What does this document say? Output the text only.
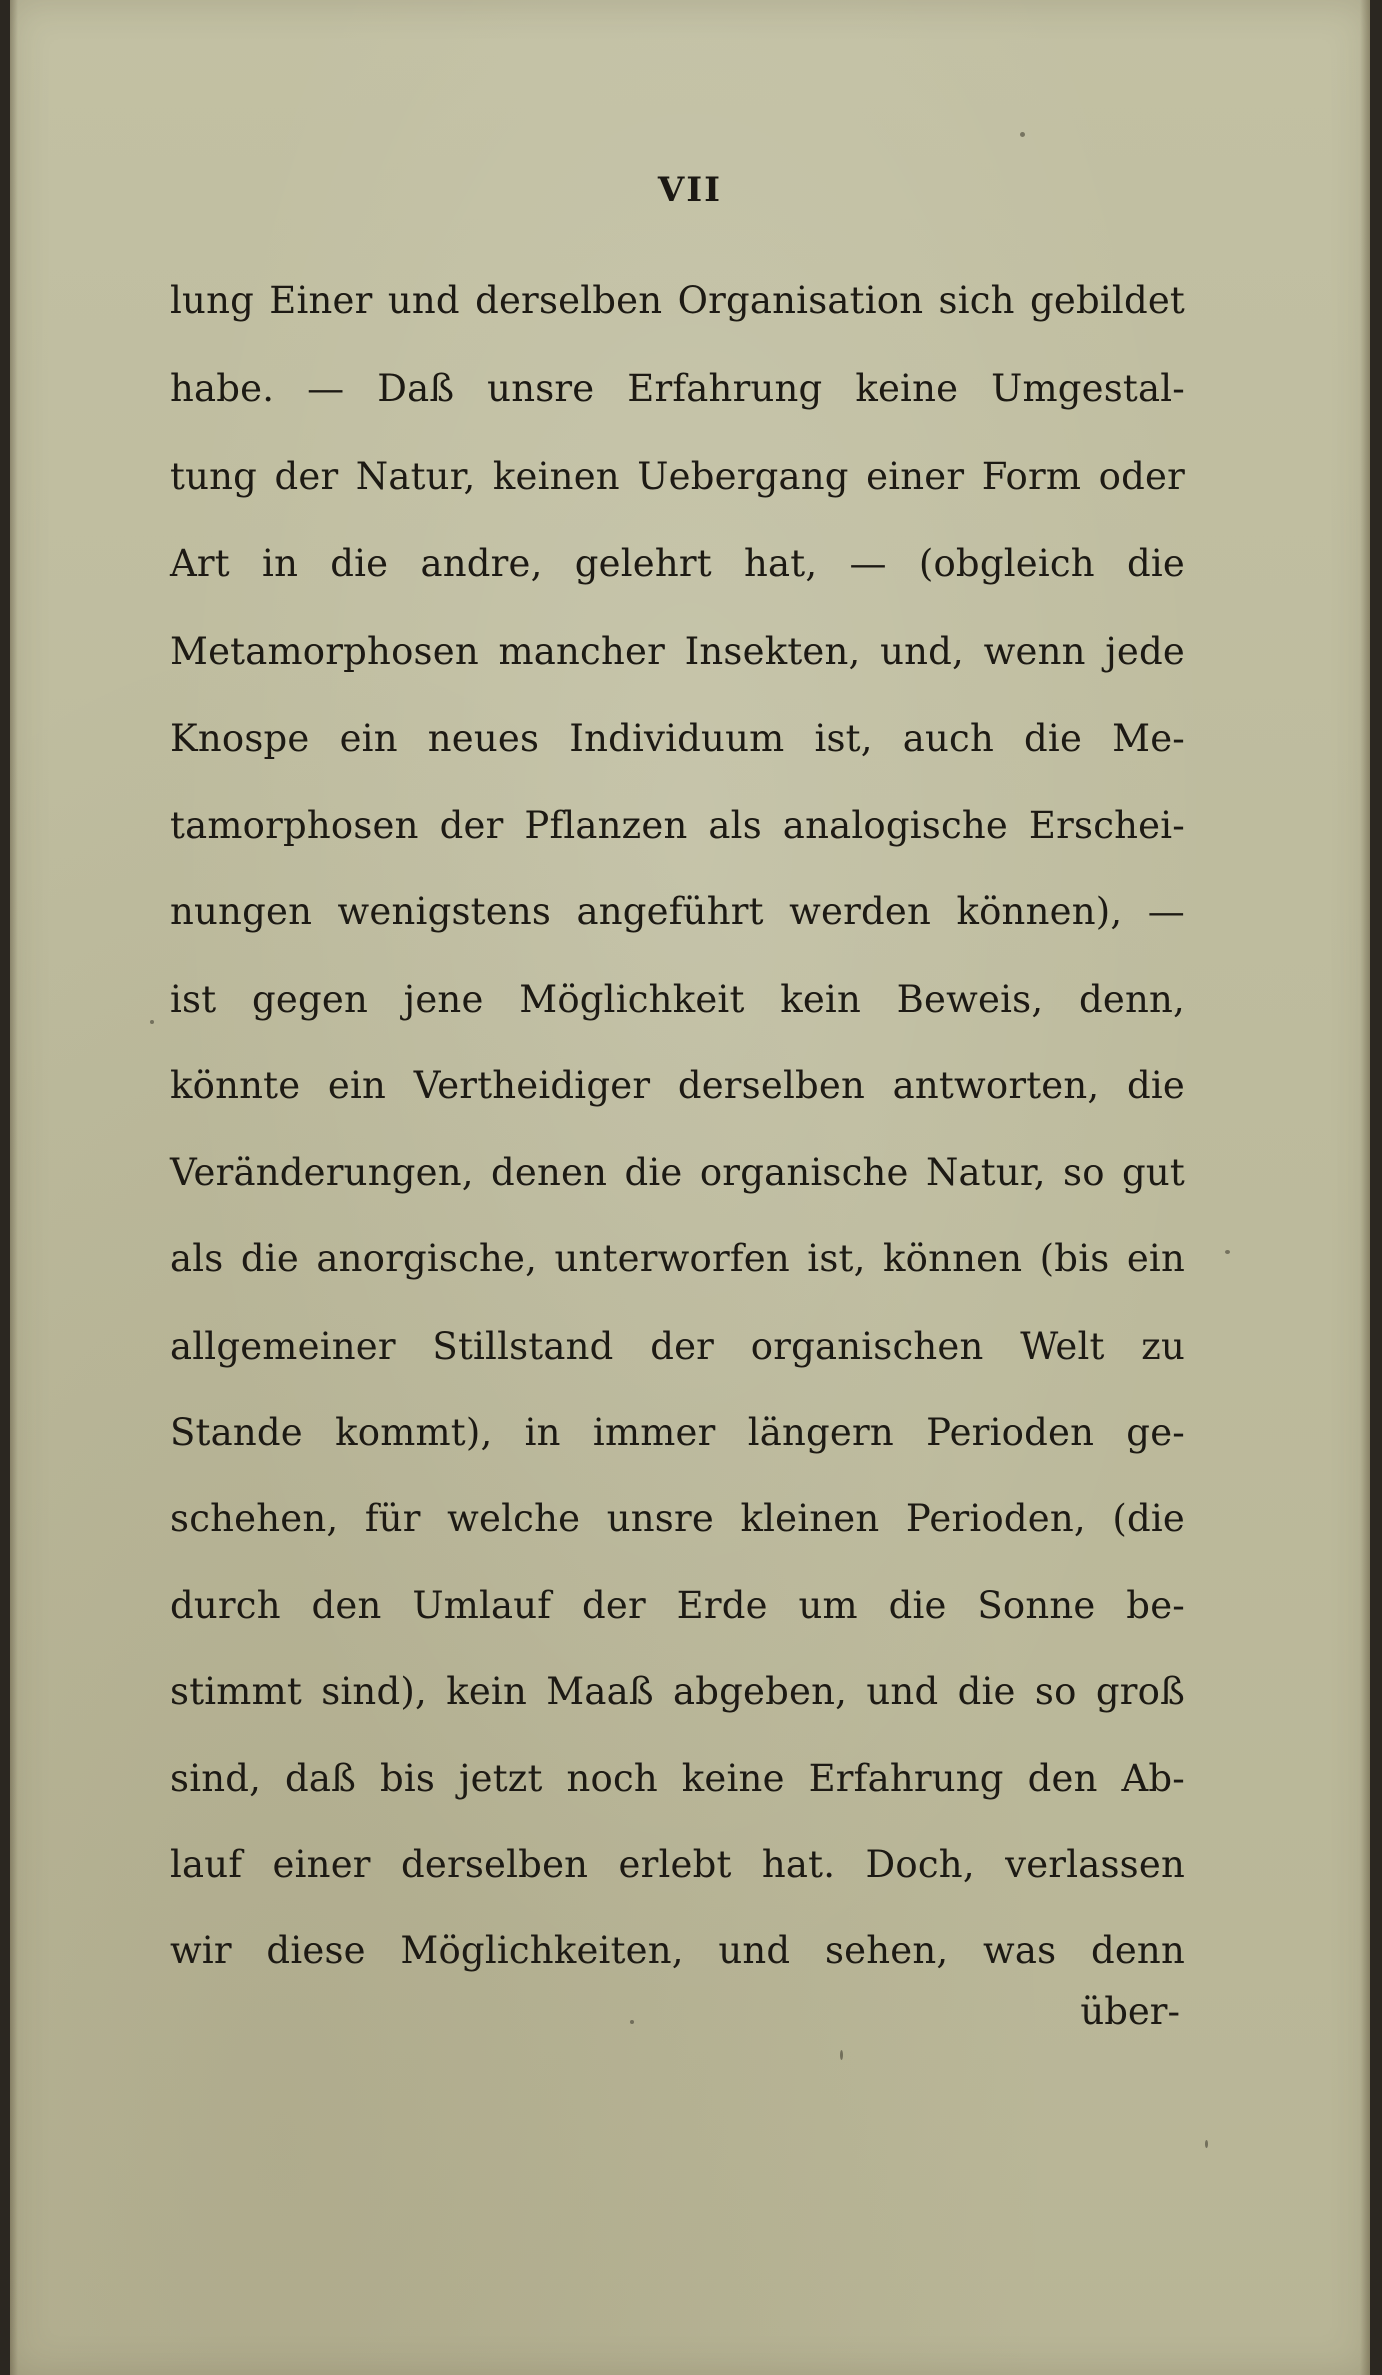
VII
lung Einer und derselben Organisation sich gebildet
habe. — Daß unsre Erfahrung keine Umgestal-
tung der Natur, keinen Uebergang einer Form oder
Art in die andre, gelehrt hat, — (obgleich die
Metamorphosen mancher Insekten, und, wenn jede
Knospe ein neues Individuum ist, auch die Me-
tamorphosen der Pflanzen als analogische Erschei-
nungen wenigstens angeführt werden können), —
ist gegen jene Möglichkeit kein Beweis, denn,
könnte ein Vertheidiger derselben antworten, die
Veränderungen, denen die organische Natur, so gut
als die anorgische, unterworfen ist, können (bis ein
allgemeiner Stillstand der organischen Welt zu
Stande kommt), in immer längern Perioden ge-
schehen, für welche unsre kleinen Perioden, (die
durch den Umlauf der Erde um die Sonne be-
stimmt sind), kein Maaß abgeben, und die so groß
sind, daß bis jetzt noch keine Erfahrung den Ab-
lauf einer derselben erlebt hat. Doch, verlassen
wir diese Möglichkeiten, und sehen, was denn
über-
